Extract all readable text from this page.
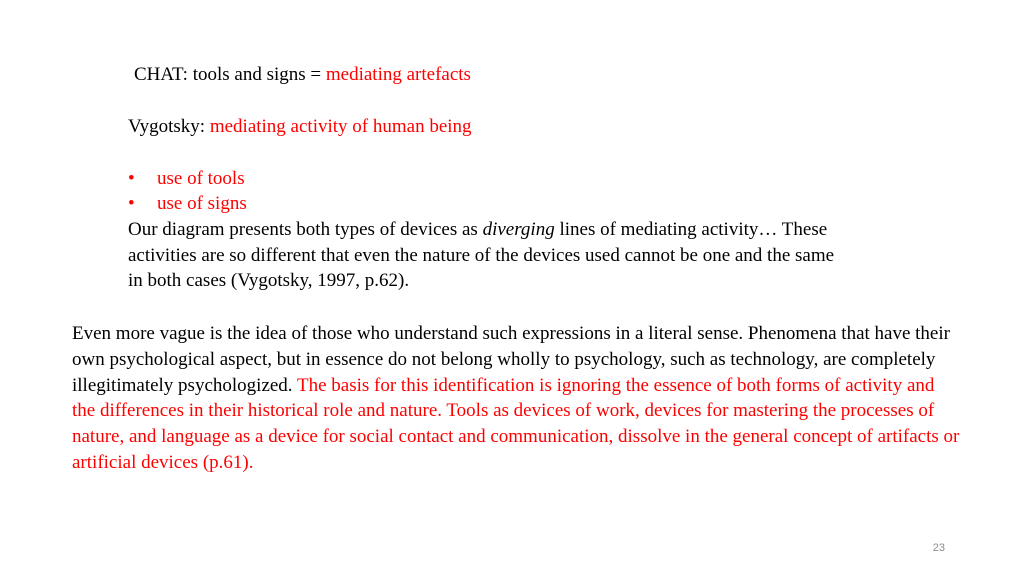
CHAT: tools and signs = mediating artefacts
Vygotsky: mediating activity of human being
• use of tools
• use of signs

Our diagram presents both types of devices as diverging lines of mediating activity… These activities are so different that even the nature of the devices used cannot be one and the same in both cases (Vygotsky, 1997, p.62).

Even more vague is the idea of those who understand such expressions in a literal sense. Phenomena that have their own psychological aspect, but in essence do not belong wholly to psychology, such as technology, are completely illegitimately psychologized. The basis for this identification is ignoring the essence of both forms of activity and the differences in their historical role and nature. Tools as devices of work, devices for mastering the processes of nature, and language as a device for social contact and communication, dissolve in the general concept of artifacts or artificial devices (p.61).

23
